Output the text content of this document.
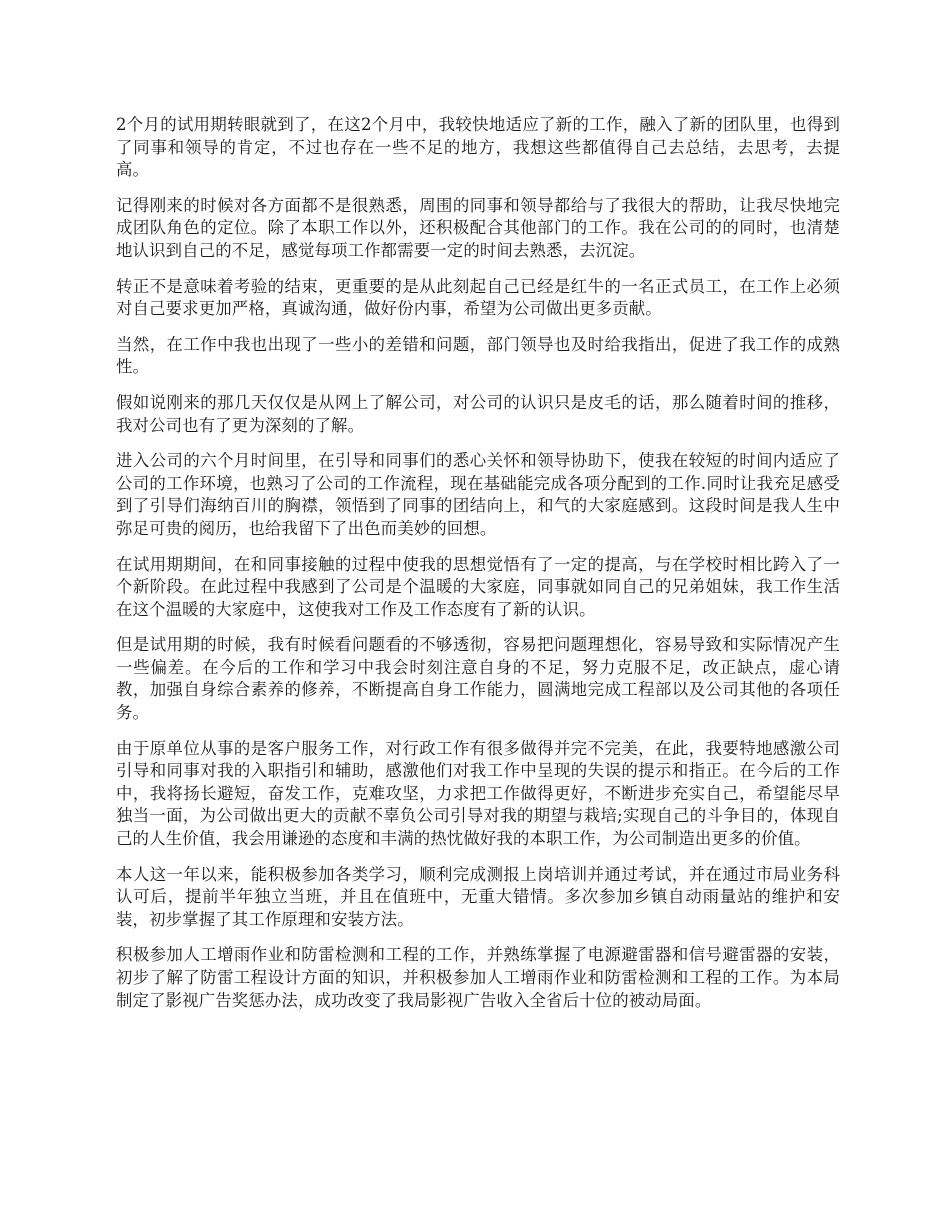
2个月的试用期转眼就到了，在这2个月中，我较快地适应了新的工作，融入了新的团队里，也得到了同事和领导的肯定，不过也存在一些不足的地方，我想这些都值得自己去总结，去思考，去提高。

记得刚来的时候对各方面都不是很熟悉，周围的同事和领导都给与了我很大的帮助，让我尽快地完成团队角色的定位。除了本职工作以外，还积极配合其他部门的工作。我在公司的的同时，也清楚地认识到自己的不足，感觉每项工作都需要一定的时间去熟悉，去沉淀。

转正不是意味着考验的结束，更重要的是从此刻起自己已经是红牛的一名正式员工，在工作上必须对自己要求更加严格，真诚沟通，做好份内事，希望为公司做出更多贡献。

当然，在工作中我也出现了一些小的差错和问题，部门领导也及时给我指出，促进了我工作的成熟性。

假如说刚来的那几天仅仅是从网上了解公司，对公司的认识只是皮毛的话，那么随着时间的推移，我对公司也有了更为深刻的了解。

进入公司的六个月时间里，在引导和同事们的悉心关怀和领导协助下，使我在较短的时间内适应了公司的工作环境，也熟习了公司的工作流程，现在基础能完成各项分配到的工作.同时让我充足感受到了引导们海纳百川的胸襟，领悟到了同事的团结向上，和气的大家庭感到。这段时间是我人生中弥足可贵的阅历，也给我留下了出色而美妙的回想。

在试用期期间，在和同事接触的过程中使我的思想觉悟有了一定的提高，与在学校时相比跨入了一个新阶段。在此过程中我感到了公司是个温暖的大家庭，同事就如同自己的兄弟姐妹，我工作生活在这个温暖的大家庭中，这使我对工作及工作态度有了新的认识。

但是试用期的时候，我有时候看问题看的不够透彻，容易把问题理想化，容易导致和实际情况产生一些偏差。在今后的工作和学习中我会时刻注意自身的不足，努力克服不足，改正缺点，虚心请教，加强自身综合素养的修养，不断提高自身工作能力，圆满地完成工程部以及公司其他的各项任务。

由于原单位从事的是客户服务工作，对行政工作有很多做得并完不完美，在此，我要特地感激公司引导和同事对我的入职指引和辅助，感激他们对我工作中呈现的失误的提示和指正。在今后的工作中，我将扬长避短，奋发工作，克难攻坚，力求把工作做得更好，不断进步充实自己，希望能尽早独当一面，为公司做出更大的贡献不辜负公司引导对我的期望与栽培;实现自己的斗争目的，体现自己的人生价值，我会用谦逊的态度和丰满的热忱做好我的本职工作，为公司制造出更多的价值。

本人这一年以来，能积极参加各类学习，顺利完成测报上岗培训并通过考试，并在通过市局业务科认可后，提前半年独立当班，并且在值班中，无重大错情。多次参加乡镇自动雨量站的维护和安装，初步掌握了其工作原理和安装方法。

积极参加人工增雨作业和防雷检测和工程的工作，并熟练掌握了电源避雷器和信号避雷器的安装，初步了解了防雷工程设计方面的知识，并积极参加人工增雨作业和防雷检测和工程的工作。为本局制定了影视广告奖惩办法，成功改变了我局影视广告收入全省后十位的被动局面。
